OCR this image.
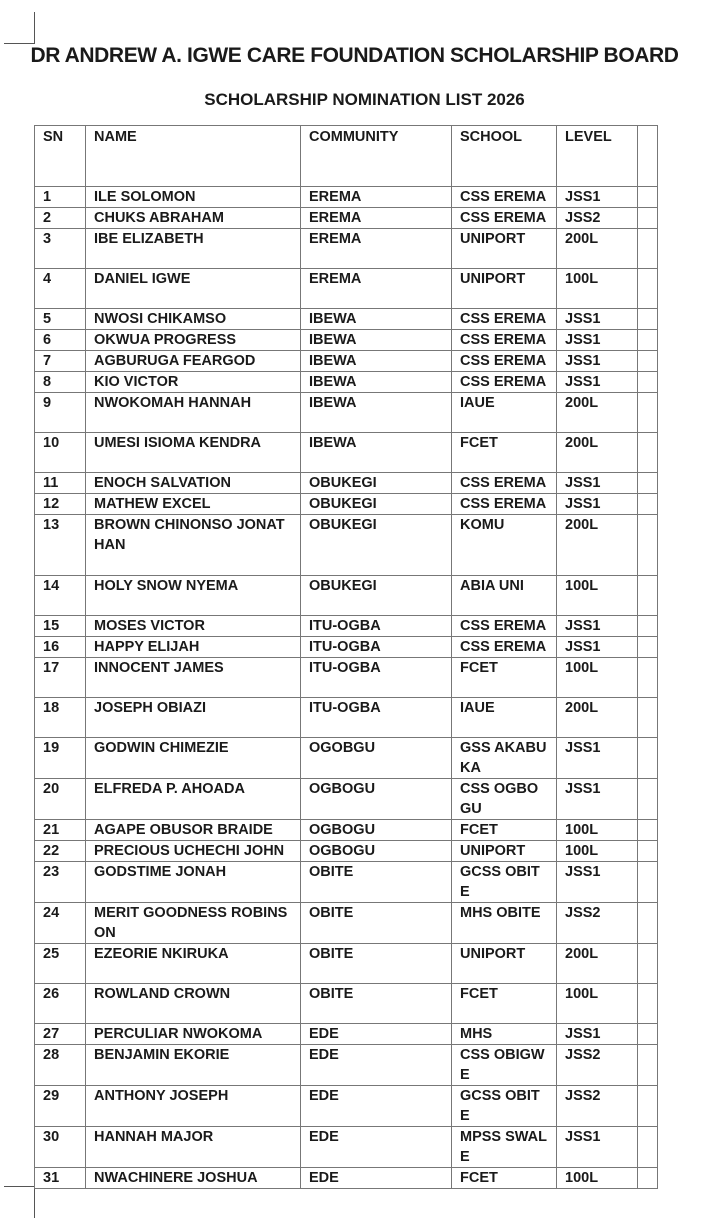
DR ANDREW A. IGWE CARE FOUNDATION SCHOLARSHIP BOARD
SCHOLARSHIP NOMINATION LIST 2026
SN	NAME	COMMUNITY	SCHOOL	LEVEL	
1	ILE SOLOMON	EREMA	CSS EREMA	JSS1	
2	CHUKS ABRAHAM	EREMA	CSS EREMA	JSS2	
3	IBE ELIZABETH	EREMA	UNIPORT	200L	
4	DANIEL IGWE	EREMA	UNIPORT	100L	
5	NWOSI CHIKAMSO	IBEWA	CSS EREMA	JSS1	
6	OKWUA PROGRESS	IBEWA	CSS EREMA	JSS1	
7	AGBURUGA FEARGOD	IBEWA	CSS EREMA	JSS1	
8	KIO VICTOR	IBEWA	CSS EREMA	JSS1	
9	NWOKOMAH HANNAH	IBEWA	IAUE	200L	
10	UMESI ISIOMA KENDRA	IBEWA	FCET	200L	
11	ENOCH SALVATION	OBUKEGI	CSS EREMA	JSS1	
12	MATHEW EXCEL	OBUKEGI	CSS EREMA	JSS1	
13	BROWN CHINONSO JONATHAN	OBUKEGI	KOMU	200L	
14	HOLY SNOW NYEMA	OBUKEGI	ABIA UNI	100L	
15	MOSES VICTOR	ITU-OGBA	CSS EREMA	JSS1	
16	HAPPY ELIJAH	ITU-OGBA	CSS EREMA	JSS1	
17	INNOCENT JAMES	ITU-OGBA	FCET	100L	
18	JOSEPH OBIAZI	ITU-OGBA	IAUE	200L	
19	GODWIN CHIMEZIE	OGOBGU	GSS AKABUKA	JSS1	
20	ELFREDA P. AHOADA	OGBOGU	CSS OGBOGU	JSS1	
21	AGAPE OBUSOR BRAIDE	OGBOGU	FCET	100L	
22	PRECIOUS UCHECHI JOHN	OGBOGU	UNIPORT	100L	
23	GODSTIME JONAH	OBITE	GCSS OBITE	JSS1	
24	MERIT GOODNESS ROBINSON	OBITE	MHS OBITE	JSS2	
25	EZEORIE NKIRUKA	OBITE	UNIPORT	200L	
26	ROWLAND CROWN	OBITE	FCET	100L	
27	PERCULIAR NWOKOMA	EDE	MHS	JSS1	
28	BENJAMIN EKORIE	EDE	CSS OBIGWE	JSS2	
29	ANTHONY JOSEPH	EDE	GCSS OBITE	JSS2	
30	HANNAH MAJOR	EDE	MPSS SWALE	JSS1	
31	NWACHINERE JOSHUA	EDE	FCET	100L	
